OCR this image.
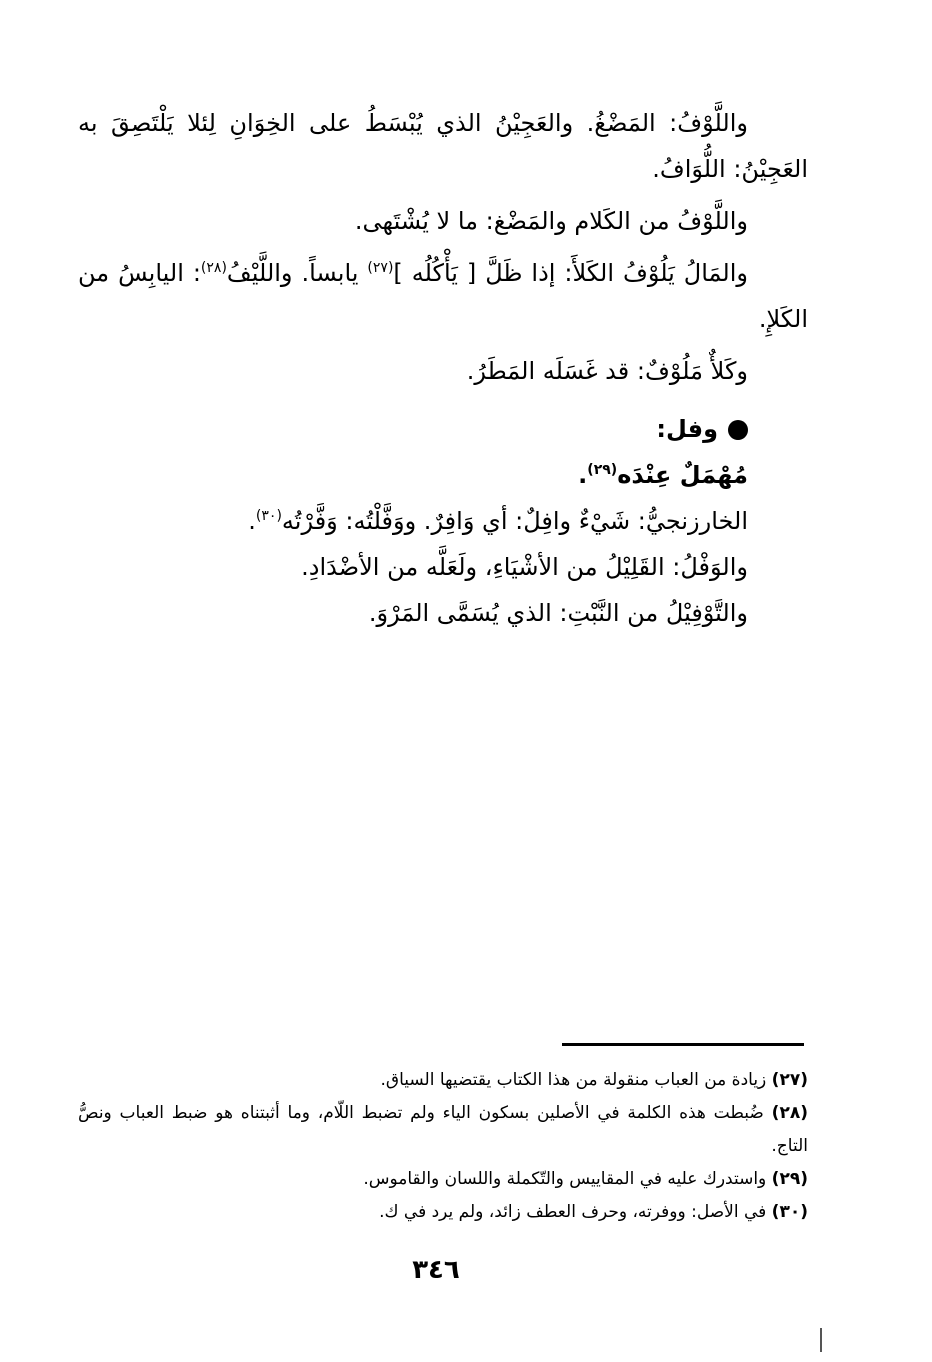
واللَّوْفُ: المَضْغُ. والعَجِيْنُ الذي يُبْسَطُ على الخِوَانِ لِئلا يَلْتَصِقَ به العَجِيْنُ: اللُّوَافُ.

واللَّوْفُ من الكَلام والمَضْغ: ما لا يُشْتَهى.

والمَالُ يَلُوْفُ الكَلأَ: إذا ظَلَّ [ يَأْكُلُه ]$^{(٢٧)}$ يابساً. واللَّيْفُ$^{(٢٨)}$: اليابِسُ من الكَلإِ.

وكَلأٌ مَلُوْفٌ: قد غَسَلَه المَطَرُ.

وفل:

مُهْمَلٌ عِنْدَه$^{(٢٩)}$.

الخارزنجيُّ: شَيْءٌ وافِلٌ: أي وَافِرٌ. ووَفَّلْتُه: وَفَّرْتُه$^{(٣٠)}$.

والوَفْلُ: القَلِيْلُ من الأشْيَاءِ، ولَعَلَّه من الأضْدَادِ.

والتَّوْفِيْلُ من النَّبْتِ: الذي يُسَمَّى المَرْوَ.

(٢٧) زيادة من العباب منقولة من هذا الكتاب يقتضيها السياق.

(٢٨) ضُبطت هذه الكلمة في الأصلين بسكون الياء ولم تضبط اللّام، وما أثبتناه هو ضبط العباب ونصُّ التاج.

(٢٩) واستدرك عليه في المقاييس والتّكملة واللسان والقاموس.

(٣٠) في الأصل: ووفرته، وحرف العطف زائد، ولم يرد في ك.

٣٤٦
